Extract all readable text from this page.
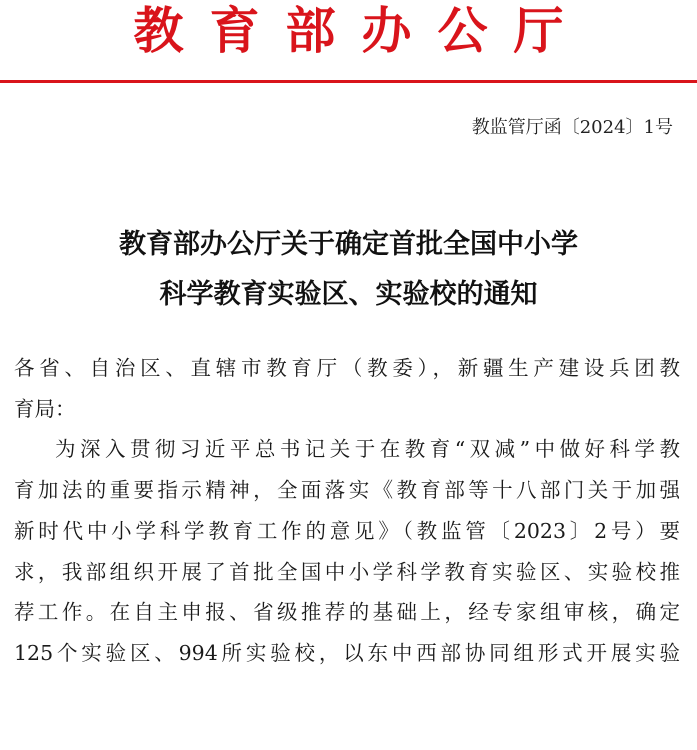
教育部办公厅
教监管厅函〔2024〕1号
教育部办公厅关于确定首批全国中小学
科学教育实验区、实验校的通知
各省、自治区、直辖市教育厅（教委），新疆生产建设兵团教
育局：
为深入贯彻习近平总书记关于在教育“双减”中做好科学教
育加法的重要指示精神，全面落实《教育部等十八部门关于加强
新时代中小学科学教育工作的意见》（教监管〔2023〕2号）要
求，我部组织开展了首批全国中小学科学教育实验区、实验校推
荐工作。在自主申报、省级推荐的基础上，经专家组审核，确定
125个实验区、994所实验校，以东中西部协同组形式开展实验
